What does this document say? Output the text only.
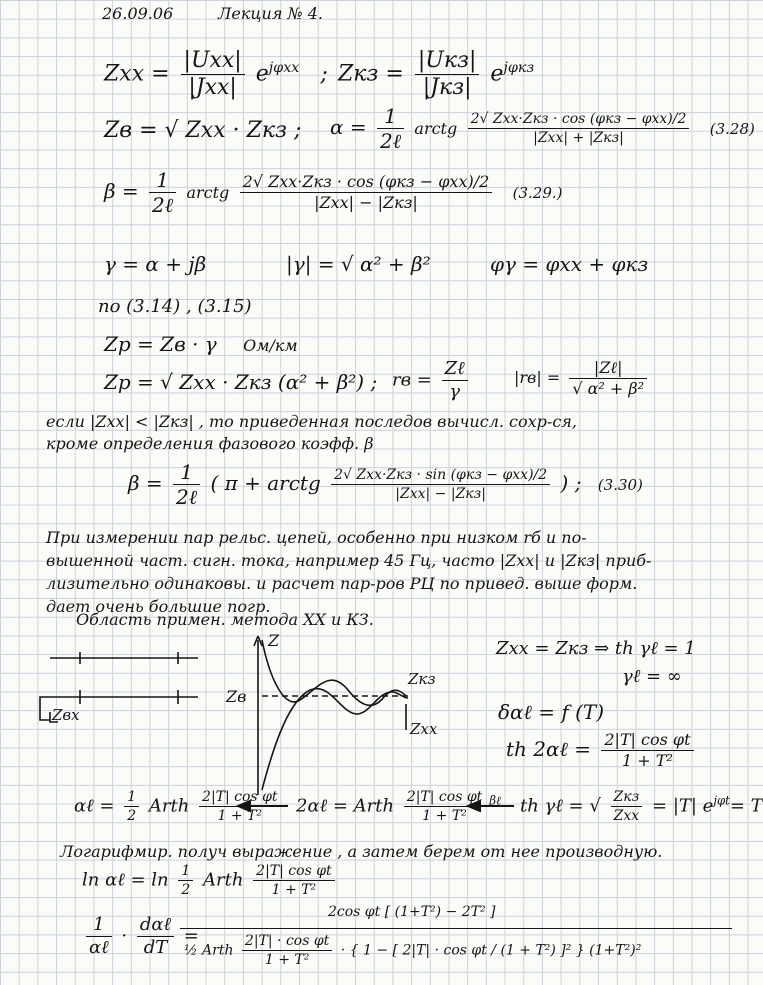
Zвх
Z
Zв
Zкз
Zxx
26.09.06	Лекция № 4.
Zxx = $\frac{\text{|Uxx|}}{\text{|Jxx|}} e^{j\varphi xx}$ ; Zкз = $\frac{\text{|Uкз|}}{\text{|Jкз|}} e^{j\varphi кз}$
Zв = √ Zxx · Zкз ; $\alpha = \frac{1}{\text{2ℓ}}$ arctg $\frac{\text{2√ Zxx·Zкз · cos (φкз − φxx)/2}}{\text{|Zxx| + |Zкз|}} (3.28)$
$\beta = \frac{1}{\text{2ℓ}}$ arctg $\frac{\text{2√ Zxx·Zкз · cos (φкз − φxx)/2}}{\text{|Zxx| − |Zкз|}} (3.29.)$
γ = α + jβ	|γ| = √ α² + β²	φγ = φxx + φкз
по (3.14) , (3.15)
Zр = Zв · γ Ом/км
Zр = √ Zxx · Zкз (α² + β²) ; rв = $\frac{\text{Zℓ}}{\gamma}$	$|rв| = \frac{\text{|Zℓ|}}{\text{√ α² + β²}}$
если |Zxx| < |Zкз| , то приведенная последов вычисл. сохр-ся,
кроме определения фазового коэфф. β
$\beta = \frac{1}{\text{2ℓ}}$ ( π + arctg $\frac{\text{2√ Zxx·Zкз · sin (φкз − φxx)/2}}{\text{|Zxx| − |Zкз|}}$ ) ; (3.30)
При измерении пар рельс. цепей, особенно при низком rб и по-
вышенной част. сигн. тока, например 45 Гц, часто |Zxx| и |Zкз| приб-
лизительно одинаковы. и расчет пар-ров РЦ по привед. выше форм.
дает очень большие погр.
Область примен. метода XX и КЗ.
Zxx = Zкз ⇒ th γℓ = 1
γℓ = ∞
δαℓ = f (T)
th 2αℓ = $\frac{\text{2|T| cos φt}}{\text{1 + T²}}$
αℓ = $\frac{1}{2}$ Arth $\frac{\text{2|T| cos φt}}{\text{1 + T²}}$ 2αℓ = Arth $\frac{\text{2|T| cos φt}}{\text{1 + T²}} ^{\beta\ell}$ th γℓ = √ $\frac{\text{Zкз}}{\text{Zxx}} = |T|$ $e^{j\varphi t}= T$
Логарифмир. получ выражение , а затем берем от нее производную.
ln αℓ = $\ln \frac{1}{2}$ Arth $\frac{\text{2|T| cos φt}}{\text{1 + T²}}$
$\frac{1}{\text{αℓ}} \cdot \frac{\text{dαℓ}}{dT}$ =
2cos φt [ (1+T²) − 2T² ]
½ Arth $\frac{\text{2|T| · cos φt}}{\text{1 + T²}}$ · { 1 − [ 2|T| · cos φt / (1 + T²) ]² } (1+T²)²
